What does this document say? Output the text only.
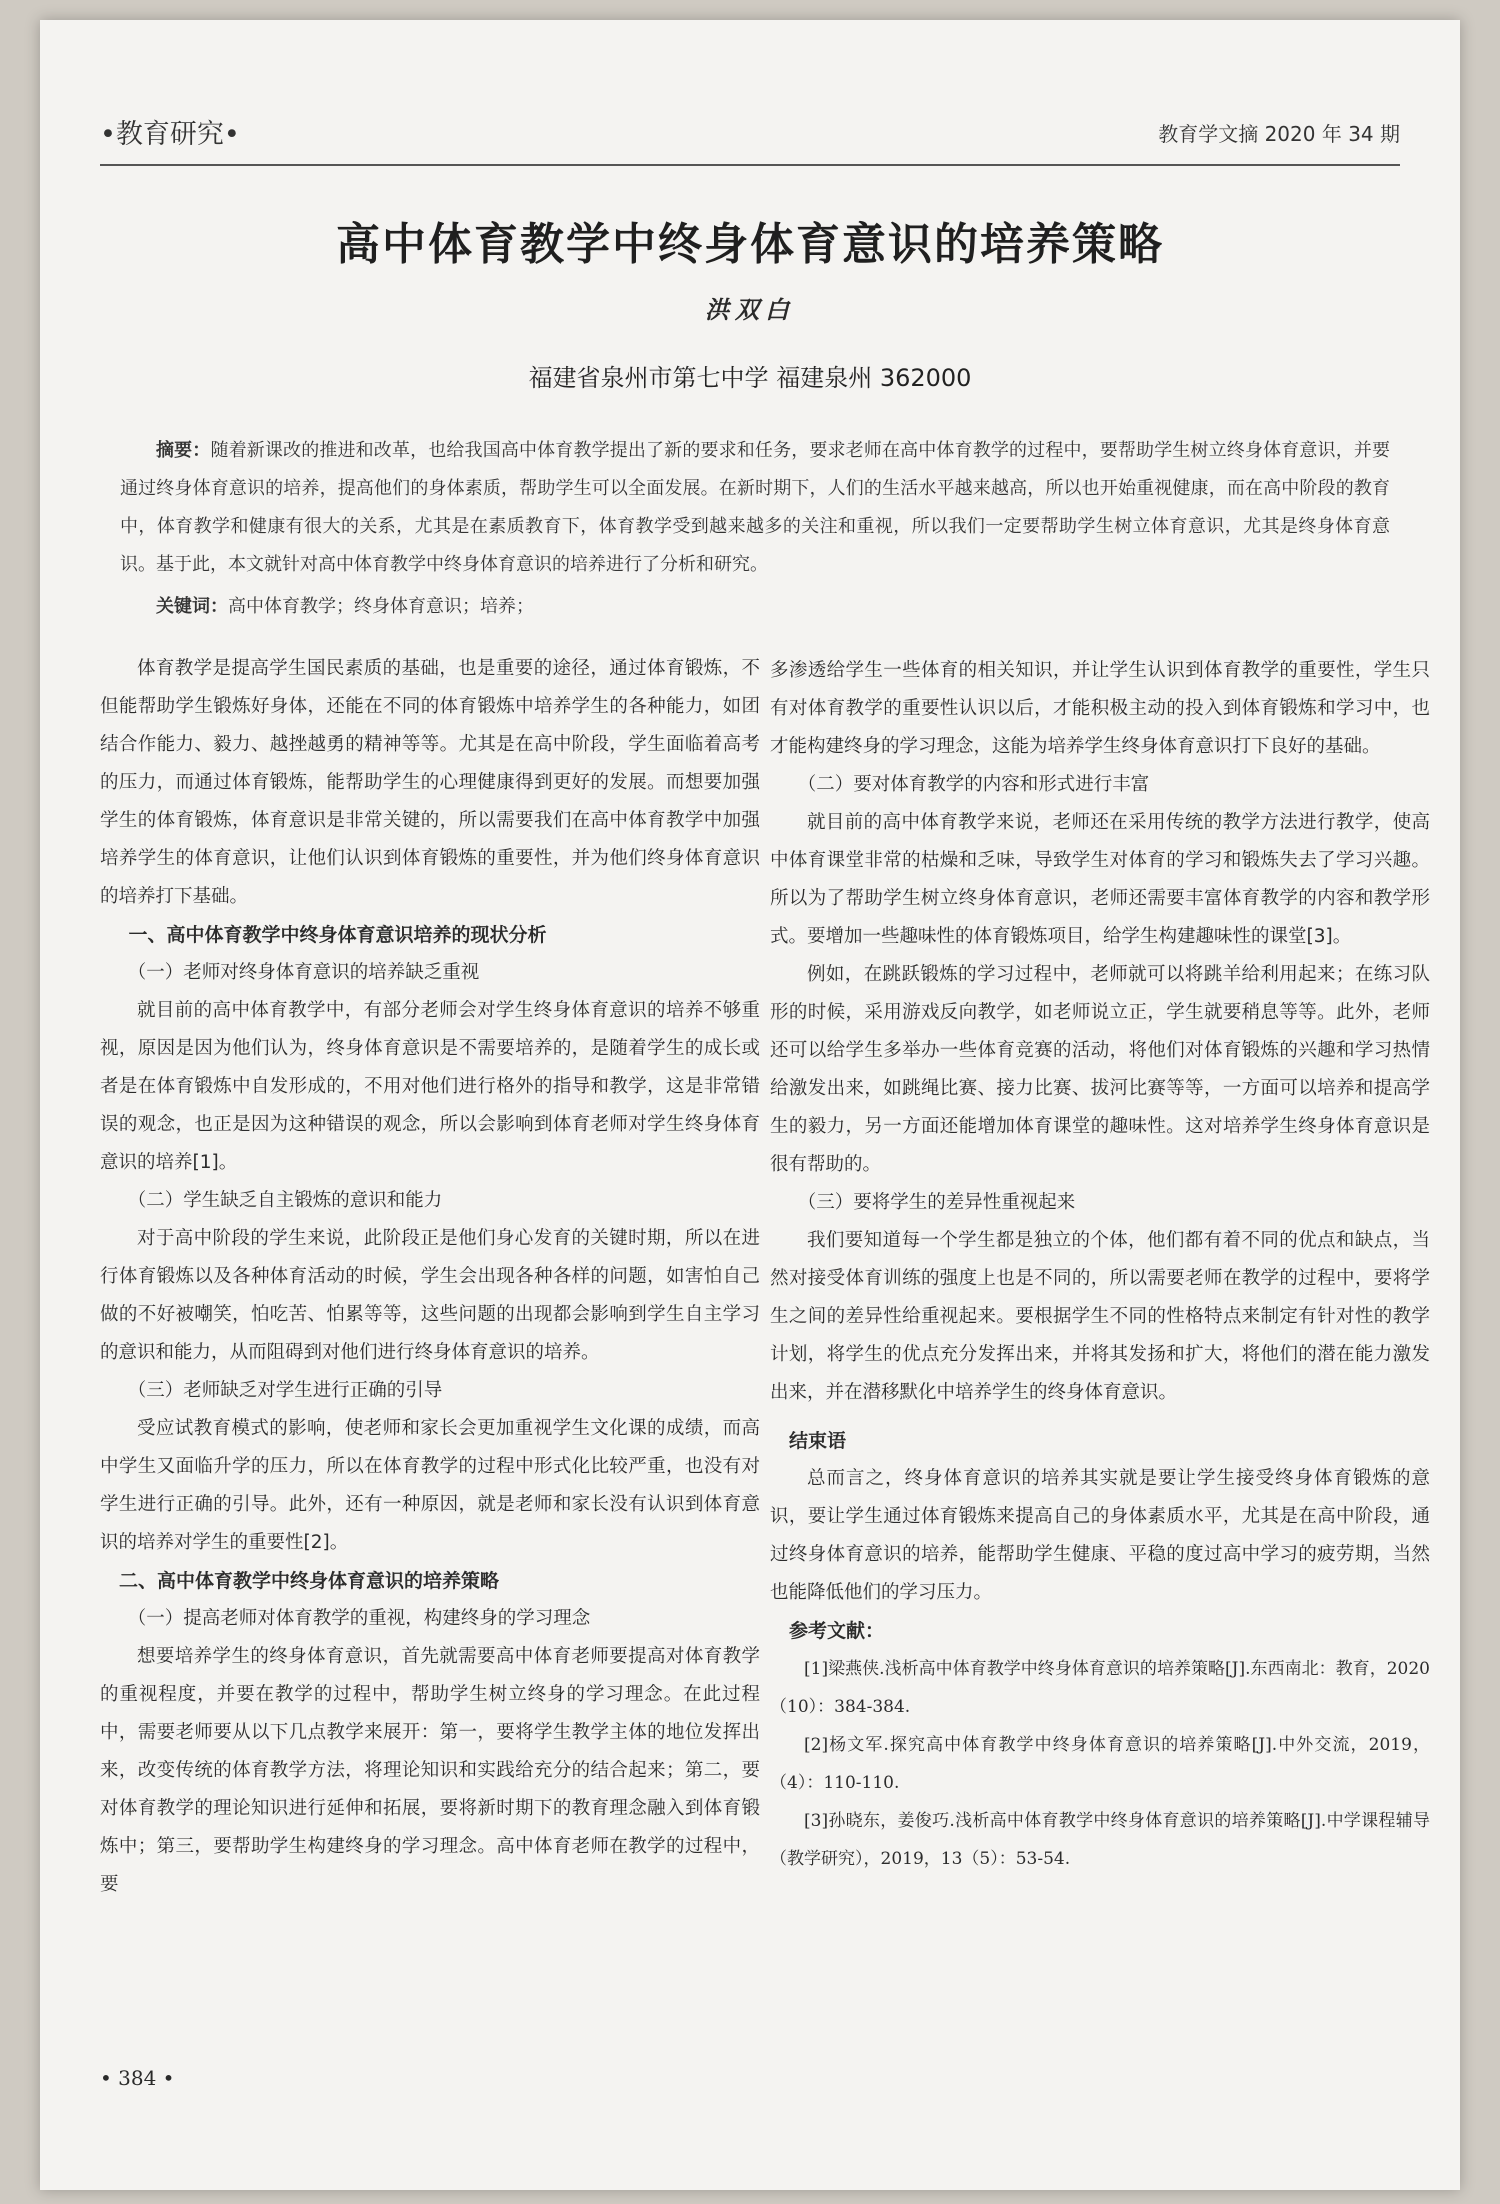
•教育研究•	教育学文摘 2020 年 34 期
高中体育教学中终身体育意识的培养策略
洪双白
福建省泉州市第七中学 福建泉州 362000
摘要：随着新课改的推进和改革，也给我国高中体育教学提出了新的要求和任务，要求老师在高中体育教学的过程中，要帮助学生树立终身体育意识，并要通过终身体育意识的培养，提高他们的身体素质，帮助学生可以全面发展。在新时期下，人们的生活水平越来越高，所以也开始重视健康，而在高中阶段的教育中，体育教学和健康有很大的关系，尤其是在素质教育下，体育教学受到越来越多的关注和重视，所以我们一定要帮助学生树立体育意识，尤其是终身体育意识。基于此，本文就针对高中体育教学中终身体育意识的培养进行了分析和研究。
关键词：高中体育教学；终身体育意识；培养；

体育教学是提高学生国民素质的基础，也是重要的途径，通过体育锻炼，不但能帮助学生锻炼好身体，还能在不同的体育锻炼中培养学生的各种能力，如团结合作能力、毅力、越挫越勇的精神等等。尤其是在高中阶段，学生面临着高考的压力，而通过体育锻炼，能帮助学生的心理健康得到更好的发展。而想要加强学生的体育锻炼，体育意识是非常关键的，所以需要我们在高中体育教学中加强培养学生的体育意识，让他们认识到体育锻炼的重要性，并为他们终身体育意识的培养打下基础。

一、高中体育教学中终身体育意识培养的现状分析
（一）老师对终身体育意识的培养缺乏重视

就目前的高中体育教学中，有部分老师会对学生终身体育意识的培养不够重视，原因是因为他们认为，终身体育意识是不需要培养的，是随着学生的成长或者是在体育锻炼中自发形成的，不用对他们进行格外的指导和教学，这是非常错误的观念，也正是因为这种错误的观念，所以会影响到体育老师对学生终身体育意识的培养[1]。

（二）学生缺乏自主锻炼的意识和能力

对于高中阶段的学生来说，此阶段正是他们身心发育的关键时期，所以在进行体育锻炼以及各种体育活动的时候，学生会出现各种各样的问题，如害怕自己做的不好被嘲笑，怕吃苦、怕累等等，这些问题的出现都会影响到学生自主学习的意识和能力，从而阻碍到对他们进行终身体育意识的培养。

（三）老师缺乏对学生进行正确的引导

受应试教育模式的影响，使老师和家长会更加重视学生文化课的成绩，而高中学生又面临升学的压力，所以在体育教学的过程中形式化比较严重，也没有对学生进行正确的引导。此外，还有一种原因，就是老师和家长没有认识到体育意识的培养对学生的重要性[2]。

二、高中体育教学中终身体育意识的培养策略
（一）提高老师对体育教学的重视，构建终身的学习理念

想要培养学生的终身体育意识，首先就需要高中体育老师要提高对体育教学的重视程度，并要在教学的过程中，帮助学生树立终身的学习理念。在此过程中，需要老师要从以下几点教学来展开：第一，要将学生教学主体的地位发挥出来，改变传统的体育教学方法，将理论知识和实践给充分的结合起来；第二，要对体育教学的理论知识进行延伸和拓展，要将新时期下的教育理念融入到体育锻炼中；第三，要帮助学生构建终身的学习理念。高中体育老师在教学的过程中，要

多渗透给学生一些体育的相关知识，并让学生认识到体育教学的重要性，学生只有对体育教学的重要性认识以后，才能积极主动的投入到体育锻炼和学习中，也才能构建终身的学习理念，这能为培养学生终身体育意识打下良好的基础。

（二）要对体育教学的内容和形式进行丰富

就目前的高中体育教学来说，老师还在采用传统的教学方法进行教学，使高中体育课堂非常的枯燥和乏味，导致学生对体育的学习和锻炼失去了学习兴趣。所以为了帮助学生树立终身体育意识，老师还需要丰富体育教学的内容和教学形式。要增加一些趣味性的体育锻炼项目，给学生构建趣味性的课堂[3]。

例如，在跳跃锻炼的学习过程中，老师就可以将跳羊给利用起来；在练习队形的时候，采用游戏反向教学，如老师说立正，学生就要稍息等等。此外，老师还可以给学生多举办一些体育竞赛的活动，将他们对体育锻炼的兴趣和学习热情给激发出来，如跳绳比赛、接力比赛、拔河比赛等等，一方面可以培养和提高学生的毅力，另一方面还能增加体育课堂的趣味性。这对培养学生终身体育意识是很有帮助的。

（三）要将学生的差异性重视起来

我们要知道每一个学生都是独立的个体，他们都有着不同的优点和缺点，当然对接受体育训练的强度上也是不同的，所以需要老师在教学的过程中，要将学生之间的差异性给重视起来。要根据学生不同的性格特点来制定有针对性的教学计划，将学生的优点充分发挥出来，并将其发扬和扩大，将他们的潜在能力激发出来，并在潜移默化中培养学生的终身体育意识。

结束语

总而言之，终身体育意识的培养其实就是要让学生接受终身体育锻炼的意识，要让学生通过体育锻炼来提高自己的身体素质水平，尤其是在高中阶段，通过终身体育意识的培养，能帮助学生健康、平稳的度过高中学习的疲劳期，当然也能降低他们的学习压力。

参考文献：

[1]梁燕侠.浅析高中体育教学中终身体育意识的培养策略[J].东西南北：教育，2020（10）：384-384.

[2]杨文军.探究高中体育教学中终身体育意识的培养策略[J].中外交流，2019，（4）：110-110.

[3]孙晓东，姜俊巧.浅析高中体育教学中终身体育意识的培养策略[J].中学课程辅导（教学研究），2019，13（5）：53-54.

• 384 •
